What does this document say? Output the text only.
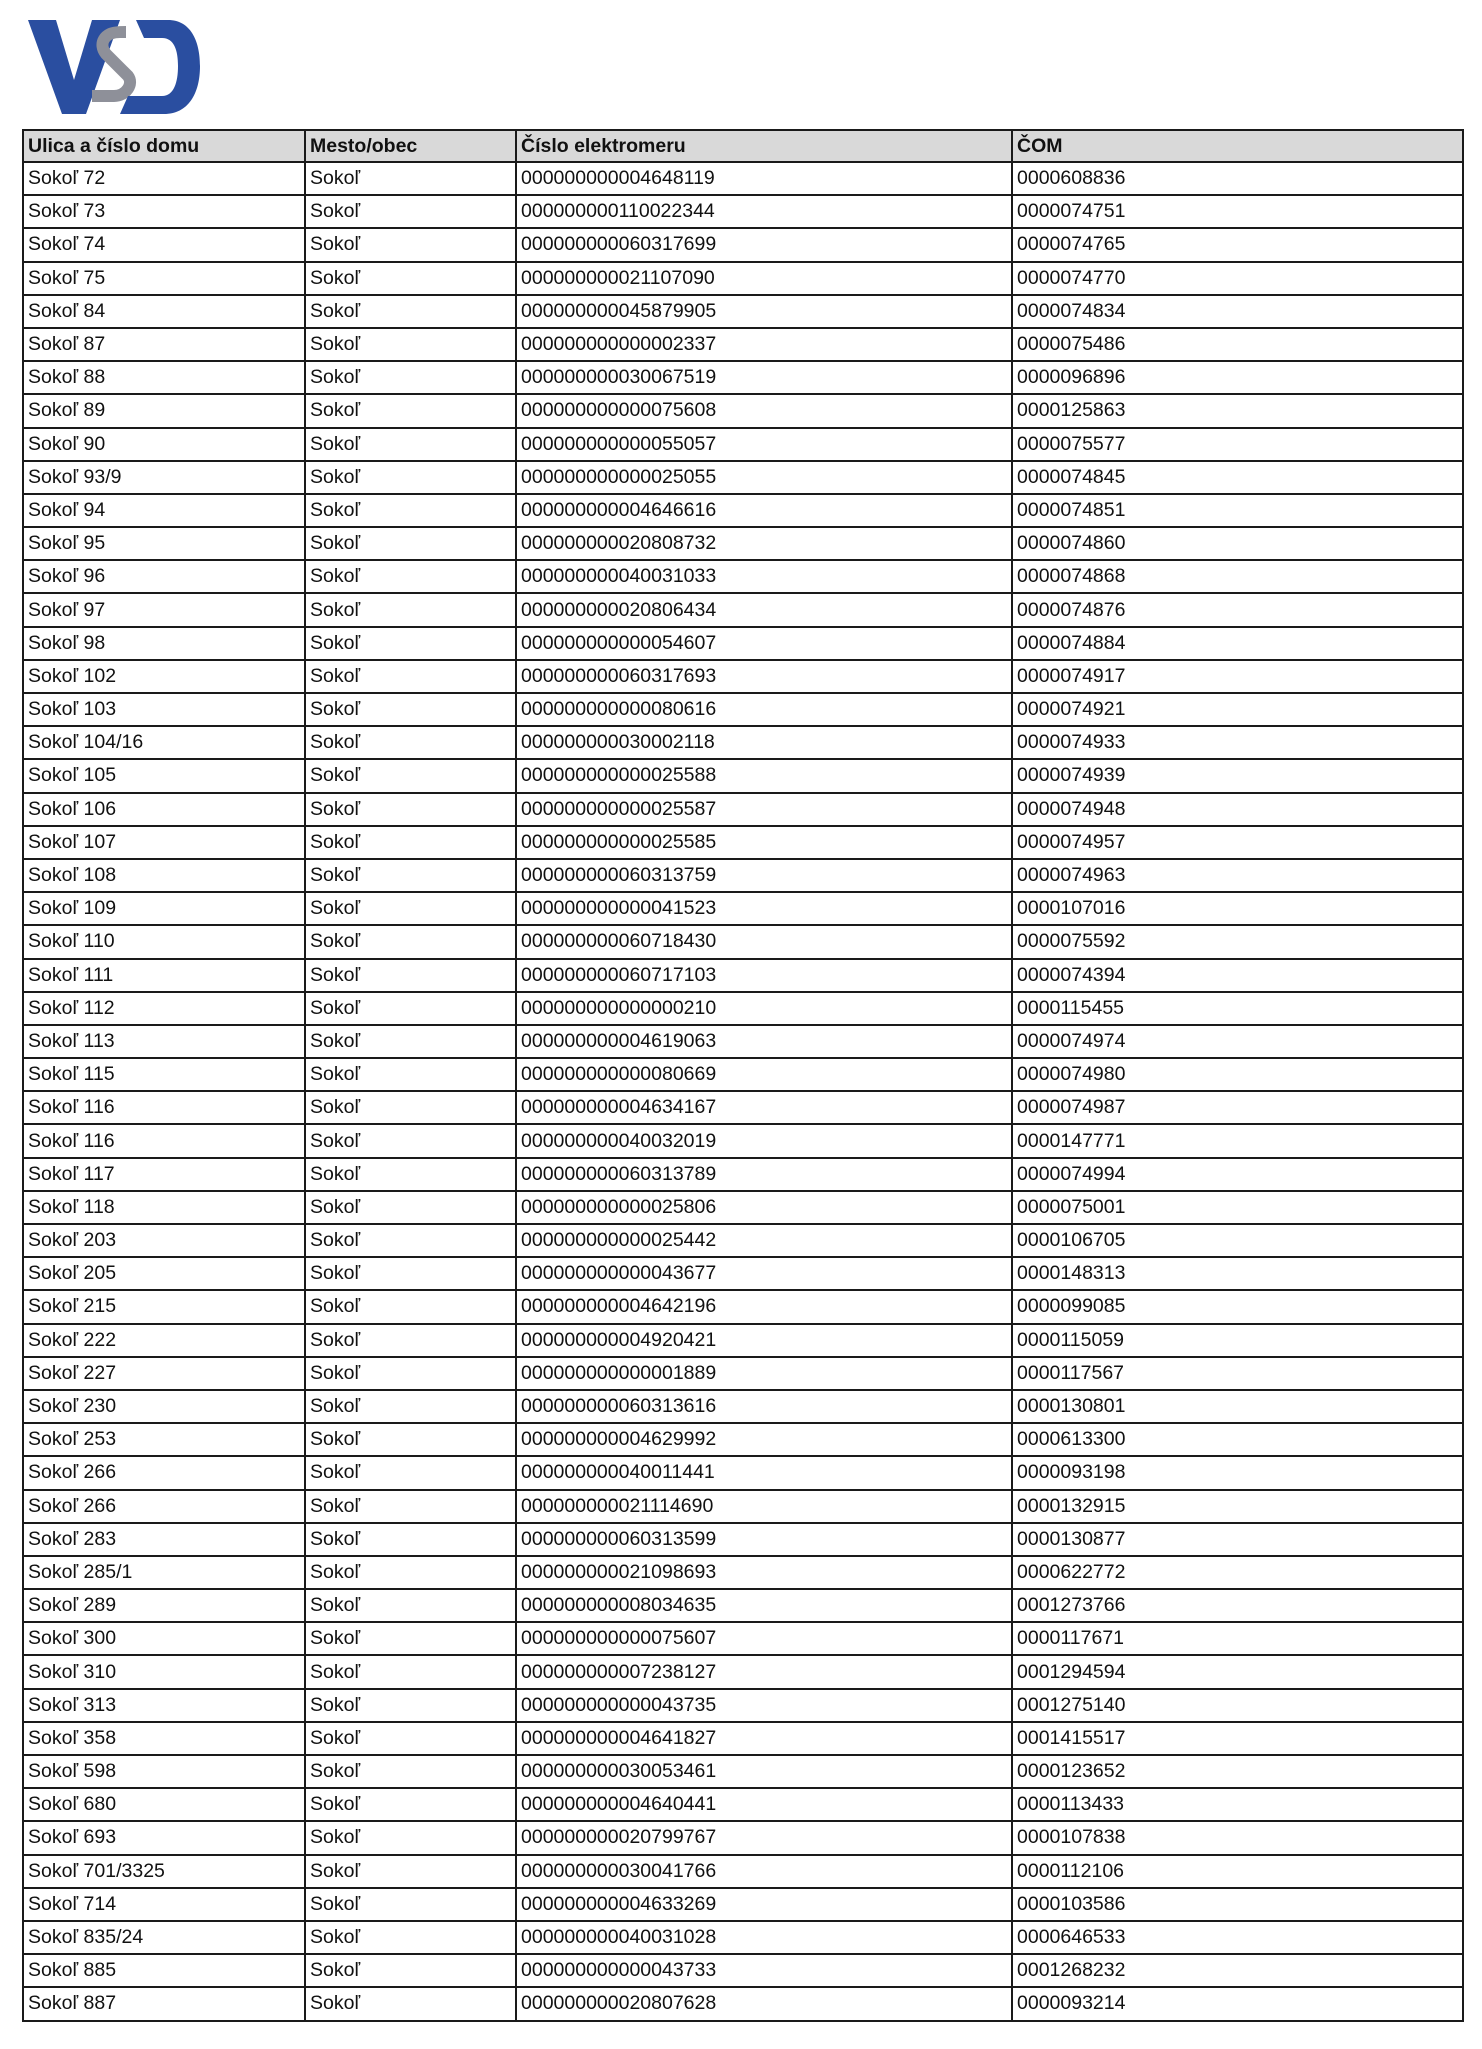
Ulica a číslo domu	Mesto/obec	Číslo elektromeru	ČOM
Sokoľ 72	Sokoľ	000000000004648119	0000608836
Sokoľ 73	Sokoľ	000000000110022344	0000074751
Sokoľ 74	Sokoľ	000000000060317699	0000074765
Sokoľ 75	Sokoľ	000000000021107090	0000074770
Sokoľ 84	Sokoľ	000000000045879905	0000074834
Sokoľ 87	Sokoľ	000000000000002337	0000075486
Sokoľ 88	Sokoľ	000000000030067519	0000096896
Sokoľ 89	Sokoľ	000000000000075608	0000125863
Sokoľ 90	Sokoľ	000000000000055057	0000075577
Sokoľ 93/9	Sokoľ	000000000000025055	0000074845
Sokoľ 94	Sokoľ	000000000004646616	0000074851
Sokoľ 95	Sokoľ	000000000020808732	0000074860
Sokoľ 96	Sokoľ	000000000040031033	0000074868
Sokoľ 97	Sokoľ	000000000020806434	0000074876
Sokoľ 98	Sokoľ	000000000000054607	0000074884
Sokoľ 102	Sokoľ	000000000060317693	0000074917
Sokoľ 103	Sokoľ	000000000000080616	0000074921
Sokoľ 104/16	Sokoľ	000000000030002118	0000074933
Sokoľ 105	Sokoľ	000000000000025588	0000074939
Sokoľ 106	Sokoľ	000000000000025587	0000074948
Sokoľ 107	Sokoľ	000000000000025585	0000074957
Sokoľ 108	Sokoľ	000000000060313759	0000074963
Sokoľ 109	Sokoľ	000000000000041523	0000107016
Sokoľ 110	Sokoľ	000000000060718430	0000075592
Sokoľ 111	Sokoľ	000000000060717103	0000074394
Sokoľ 112	Sokoľ	000000000000000210	0000115455
Sokoľ 113	Sokoľ	000000000004619063	0000074974
Sokoľ 115	Sokoľ	000000000000080669	0000074980
Sokoľ 116	Sokoľ	000000000004634167	0000074987
Sokoľ 116	Sokoľ	000000000040032019	0000147771
Sokoľ 117	Sokoľ	000000000060313789	0000074994
Sokoľ 118	Sokoľ	000000000000025806	0000075001
Sokoľ 203	Sokoľ	000000000000025442	0000106705
Sokoľ 205	Sokoľ	000000000000043677	0000148313
Sokoľ 215	Sokoľ	000000000004642196	0000099085
Sokoľ 222	Sokoľ	000000000004920421	0000115059
Sokoľ 227	Sokoľ	000000000000001889	0000117567
Sokoľ 230	Sokoľ	000000000060313616	0000130801
Sokoľ 253	Sokoľ	000000000004629992	0000613300
Sokoľ 266	Sokoľ	000000000040011441	0000093198
Sokoľ 266	Sokoľ	000000000021114690	0000132915
Sokoľ 283	Sokoľ	000000000060313599	0000130877
Sokoľ 285/1	Sokoľ	000000000021098693	0000622772
Sokoľ 289	Sokoľ	000000000008034635	0001273766
Sokoľ 300	Sokoľ	000000000000075607	0000117671
Sokoľ 310	Sokoľ	000000000007238127	0001294594
Sokoľ 313	Sokoľ	000000000000043735	0001275140
Sokoľ 358	Sokoľ	000000000004641827	0001415517
Sokoľ 598	Sokoľ	000000000030053461	0000123652
Sokoľ 680	Sokoľ	000000000004640441	0000113433
Sokoľ 693	Sokoľ	000000000020799767	0000107838
Sokoľ 701/3325	Sokoľ	000000000030041766	0000112106
Sokoľ 714	Sokoľ	000000000004633269	0000103586
Sokoľ 835/24	Sokoľ	000000000040031028	0000646533
Sokoľ 885	Sokoľ	000000000000043733	0001268232
Sokoľ 887	Sokoľ	000000000020807628	0000093214
